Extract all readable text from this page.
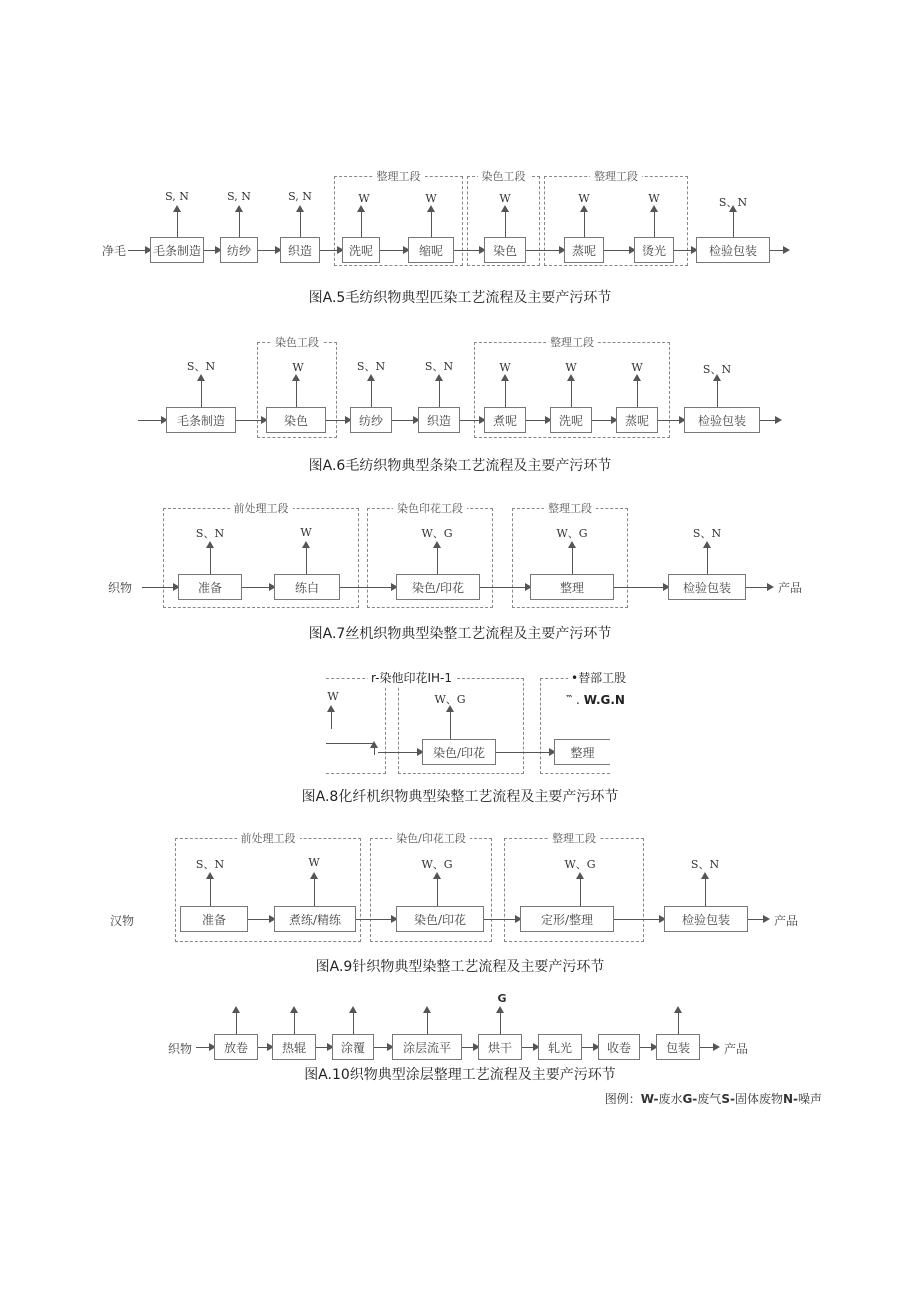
净毛
整理工段	染色工段	整理工段
毛条制造	纺纱	织造	洗呢	缩呢	染色	蒸呢	烫光	检验包装
S, N	S, N	S, N	W	W	W	W	W	S、N
图A.5毛纺织物典型匹染工艺流程及主要产污环节
染色工段	整理工段
毛条制造	染色	纺纱	织造	煮呢	洗呢	蒸呢	检验包装
S、N	W	S、N	S、N	W	W	W	S、N
图A.6毛纺织物典型条染工艺流程及主要产污环节
织物	产品
前处理工段	染色印花工段	整理工段
准备	练白	染色/印花	整理	检验包装
S、N	W	W、G	W、G	S、N
图A.7丝机织物典型染整工艺流程及主要产污环节
r-染他印花IH-1	•替部工股
染色/印花	整理
W	W、G	‷ . W.G.N
图A.8化纤机织物典型染整工艺流程及主要产污环节
汉物	产品
前处理工段	染色/印花工段	整理工段
准备	煮练/精练	染色/印花	定形/整理	检验包装
S、N	W	W、G	W、G	S、N
图A.9针织物典型染整工艺流程及主要产污环节
织物	产品
放卷	热辊	涂覆	涂层流平	烘干	轧光	收卷	包装
G
图A.10织物典型涂层整理工艺流程及主要产污环节
图例：W-废水G-废气S-固体废物N-噪声
